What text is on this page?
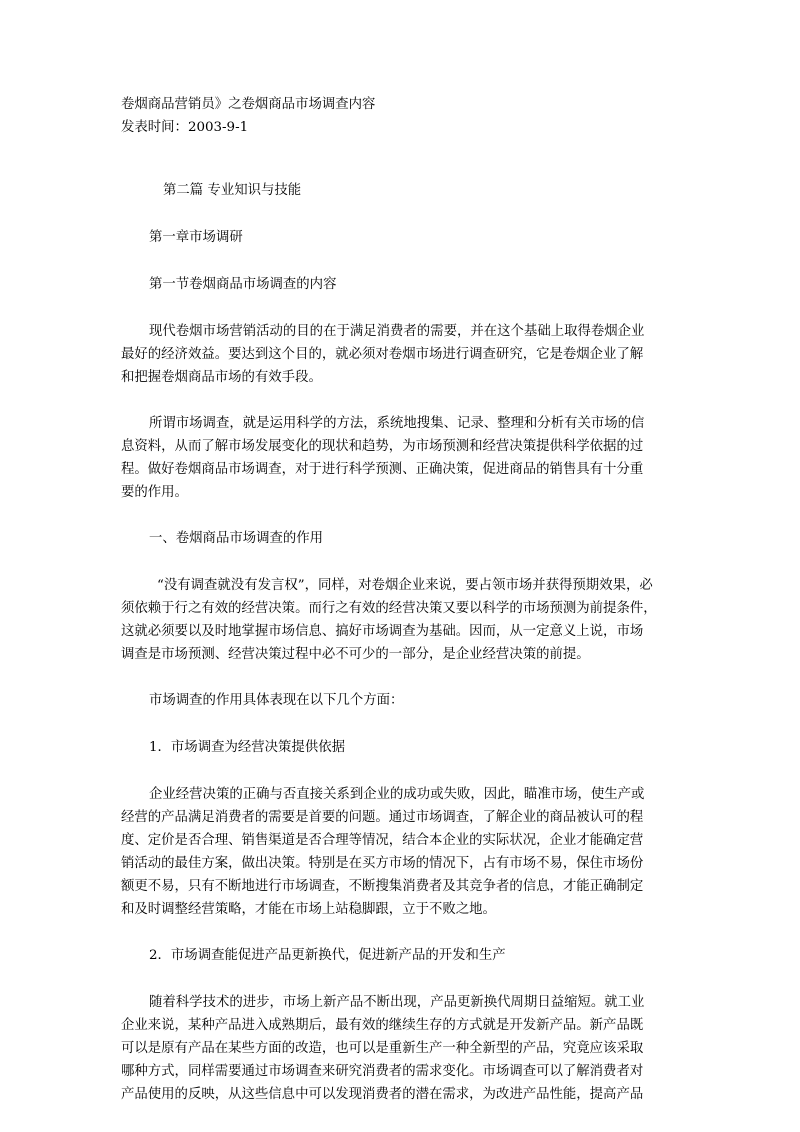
卷烟商品营销员》之卷烟商品市场调查内容
发表时间：2003-9-1
第二篇 专业知识与技能
第一章市场调研
第一节卷烟商品市场调查的内容
现代卷烟市场营销活动的目的在于满足消费者的需要，并在这个基础上取得卷烟企业
最好的经济效益。要达到这个目的，就必须对卷烟市场进行调查研究，它是卷烟企业了解
和把握卷烟商品市场的有效手段。
所谓市场调查，就是运用科学的方法，系统地搜集、记录、整理和分析有关市场的信
息资料，从而了解市场发展变化的现状和趋势，为市场预测和经营决策提供科学依据的过
程。做好卷烟商品市场调查，对于进行科学预测、正确决策，促进商品的销售具有十分重
要的作用。
一、卷烟商品市场调查的作用
“没有调查就没有发言权”，同样，对卷烟企业来说，要占领市场并获得预期效果，必
须依赖于行之有效的经营决策。而行之有效的经营决策又要以科学的市场预测为前提条件，
这就必须要以及时地掌握市场信息、搞好市场调查为基础。因而，从一定意义上说，市场
调查是市场预测、经营决策过程中必不可少的一部分，是企业经营决策的前提。
市场调查的作用具体表现在以下几个方面：
1．市场调查为经营决策提供依据
企业经营决策的正确与否直接关系到企业的成功或失败，因此，瞄准市场，使生产或
经营的产品满足消费者的需要是首要的问题。通过市场调查，了解企业的商品被认可的程
度、定价是否合理、销售渠道是否合理等情况，结合本企业的实际状况，企业才能确定营
销活动的最佳方案，做出决策。特别是在买方市场的情况下，占有市场不易，保住市场份
额更不易，只有不断地进行市场调查，不断搜集消费者及其竞争者的信息，才能正确制定
和及时调整经营策略，才能在市场上站稳脚跟，立于不败之地。
2．市场调查能促进产品更新换代，促进新产品的开发和生产
随着科学技术的进步，市场上新产品不断出现，产品更新换代周期日益缩短。就工业
企业来说，某种产品进入成熟期后，最有效的继续生存的方式就是开发新产品。新产品既
可以是原有产品在某些方面的改造，也可以是重新生产一种全新型的产品，究竟应该采取
哪种方式，同样需要通过市场调查来研究消费者的需求变化。市场调查可以了解消费者对
产品使用的反映，从这些信息中可以发现消费者的潜在需求，为改进产品性能，提高产品
